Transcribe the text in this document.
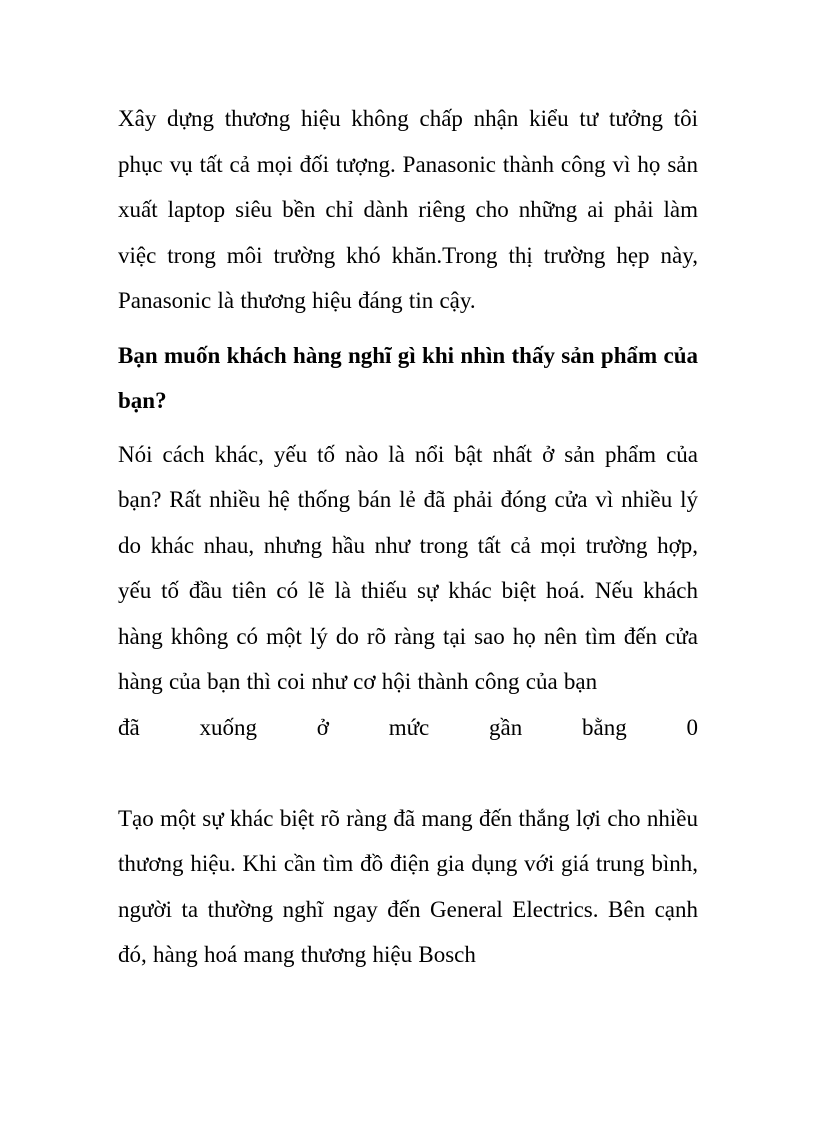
Xây dựng thương hiệu không chấp nhận kiểu tư tưởng tôi phục vụ tất cả mọi đối tượng. Panasonic thành công vì họ sản xuất laptop siêu bền chỉ dành riêng cho những ai phải làm việc trong môi trường khó khăn.Trong thị trường hẹp này, Panasonic là thương hiệu đáng tin cậy.

Bạn muốn khách hàng nghĩ gì khi nhìn thấy sản phẩm của bạn?

Nói cách khác, yếu tố nào là nổi bật nhất ở sản phẩm của bạn? Rất nhiều hệ thống bán lẻ đã phải đóng cửa vì nhiều lý do khác nhau, nhưng hầu như trong tất cả mọi trường hợp, yếu tố đầu tiên có lẽ là thiếu sự khác biệt hoá. Nếu khách hàng không có một lý do rõ ràng tại sao họ nên tìm đến cửa hàng của bạn thì coi như cơ hội thành công của bạn
đã xuống ở mức gần bằng 0

Tạo một sự khác biệt rõ ràng đã mang đến thắng lợi cho nhiều thương hiệu. Khi cần tìm đồ điện gia dụng với giá trung bình, người ta thường nghĩ ngay đến General Electrics. Bên cạnh đó, hàng hoá mang thương hiệu Bosch
